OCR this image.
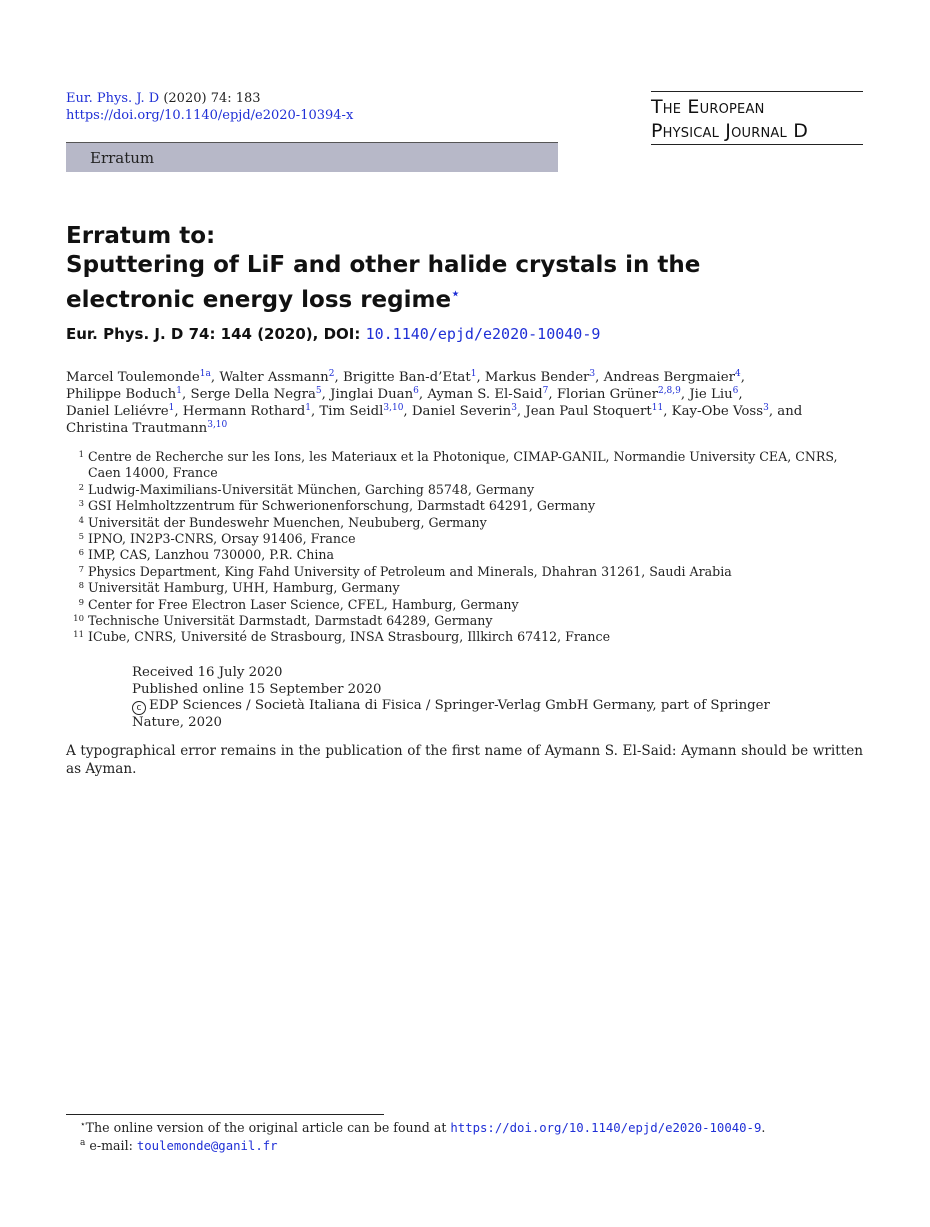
Eur. Phys. J. D (2020) 74: 183
https://doi.org/10.1140/epjd/e2020-10394-x	The European
Physical Journal D
Erratum
Erratum to:
Sputtering of LiF and other halide crystals in the
electronic energy loss regime⋆
Eur. Phys. J. D 74: 144 (2020), DOI: 10.1140/epjd/e2020-10040-9
Marcel Toulemonde$^{1a}$, Walter Assmann$^2$, Brigitte Ban-d’Etat$^1$, Markus Bender$^3$, Andreas Bergmaier$^4$,
Philippe Boduch$^1$, Serge Della Negra$^5$, Jinglai Duan$^6$, Ayman S. El-Said$^7$, Florian Grüner$^{2,8,9}$, Jie Liu$^6$,
Daniel Leliévre$^1$, Hermann Rothard$^1$, Tim Seidl$^{3,10}$, Daniel Severin$^3$, Jean Paul Stoquert$^{11}$, Kay-Obe Voss$^3$, and
Christina Trautmann$^{3,10}$
1 Centre de Recherche sur les Ions, les Materiaux et la Photonique, CIMAP-GANIL, Normandie University CEA, CNRS, Caen 14000, France
2 Ludwig-Maximilians-Universität München, Garching 85748, Germany
3 GSI Helmholtzzentrum für Schwerionenforschung, Darmstadt 64291, Germany
4 Universität der Bundeswehr Muenchen, Neububerg, Germany
5 IPNO, IN2P3-CNRS, Orsay 91406, France
6 IMP, CAS, Lanzhou 730000, P.R. China
7 Physics Department, King Fahd University of Petroleum and Minerals, Dhahran 31261, Saudi Arabia
8 Universität Hamburg, UHH, Hamburg, Germany
9 Center for Free Electron Laser Science, CFEL, Hamburg, Germany
10 Technische Universität Darmstadt, Darmstadt 64289, Germany
11 ICube, CNRS, Université de Strasbourg, INSA Strasbourg, Illkirch 67412, France
Received 16 July 2020
Published online 15 September 2020
c EDP Sciences / Società Italiana di Fisica / Springer-Verlag GmbH Germany, part of Springer Nature, 2020
A typographical error remains in the publication of the first name of Aymann S. El-Said: Aymann should be written as Ayman.
⋆The online version of the original article can be found at https://doi.org/10.1140/epjd/e2020-10040-9.
$^a$ e-mail: toulemonde@ganil.fr
